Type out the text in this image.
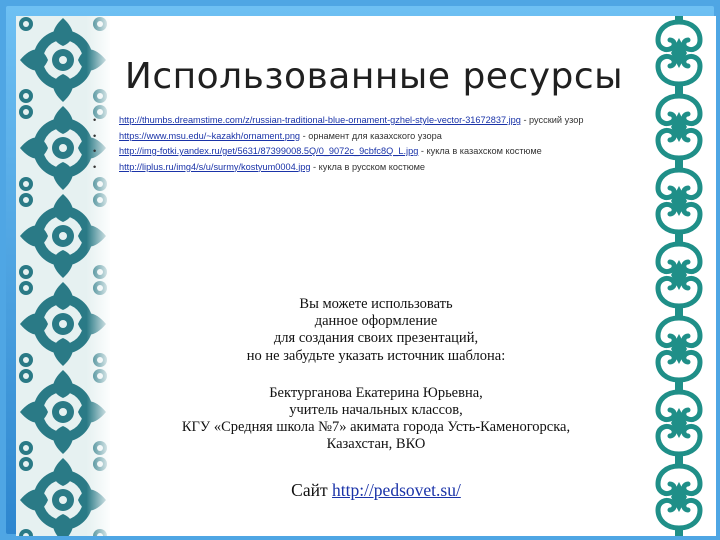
Использованные ресурсы
• http://thumbs.dreamstime.com/z/russian-traditional-blue-ornament-gzhel-style-vector-31672837.jpg - русский узор
• https://www.msu.edu/~kazakh/ornament.png - орнамент для казахского узора
• http://img-fotki.yandex.ru/get/5631/87399008.5Q/0_9072c_9cbfc8Q_L.jpg - кукла в казахском костюме
• http://liplus.ru/img4/s/u/surmy/kostyum0004.jpg - кукла в русском костюме

Вы можете использовать

данное оформление

для создания своих презентаций,

но не забудьте указать источник шаблона:

Бектурганова Екатерина Юрьевна,

учитель начальных классов,

КГУ «Средняя школа №7» акимата города Усть-Каменогорска,

Казахстан, ВКО

Сайт http://pedsovet.su/
